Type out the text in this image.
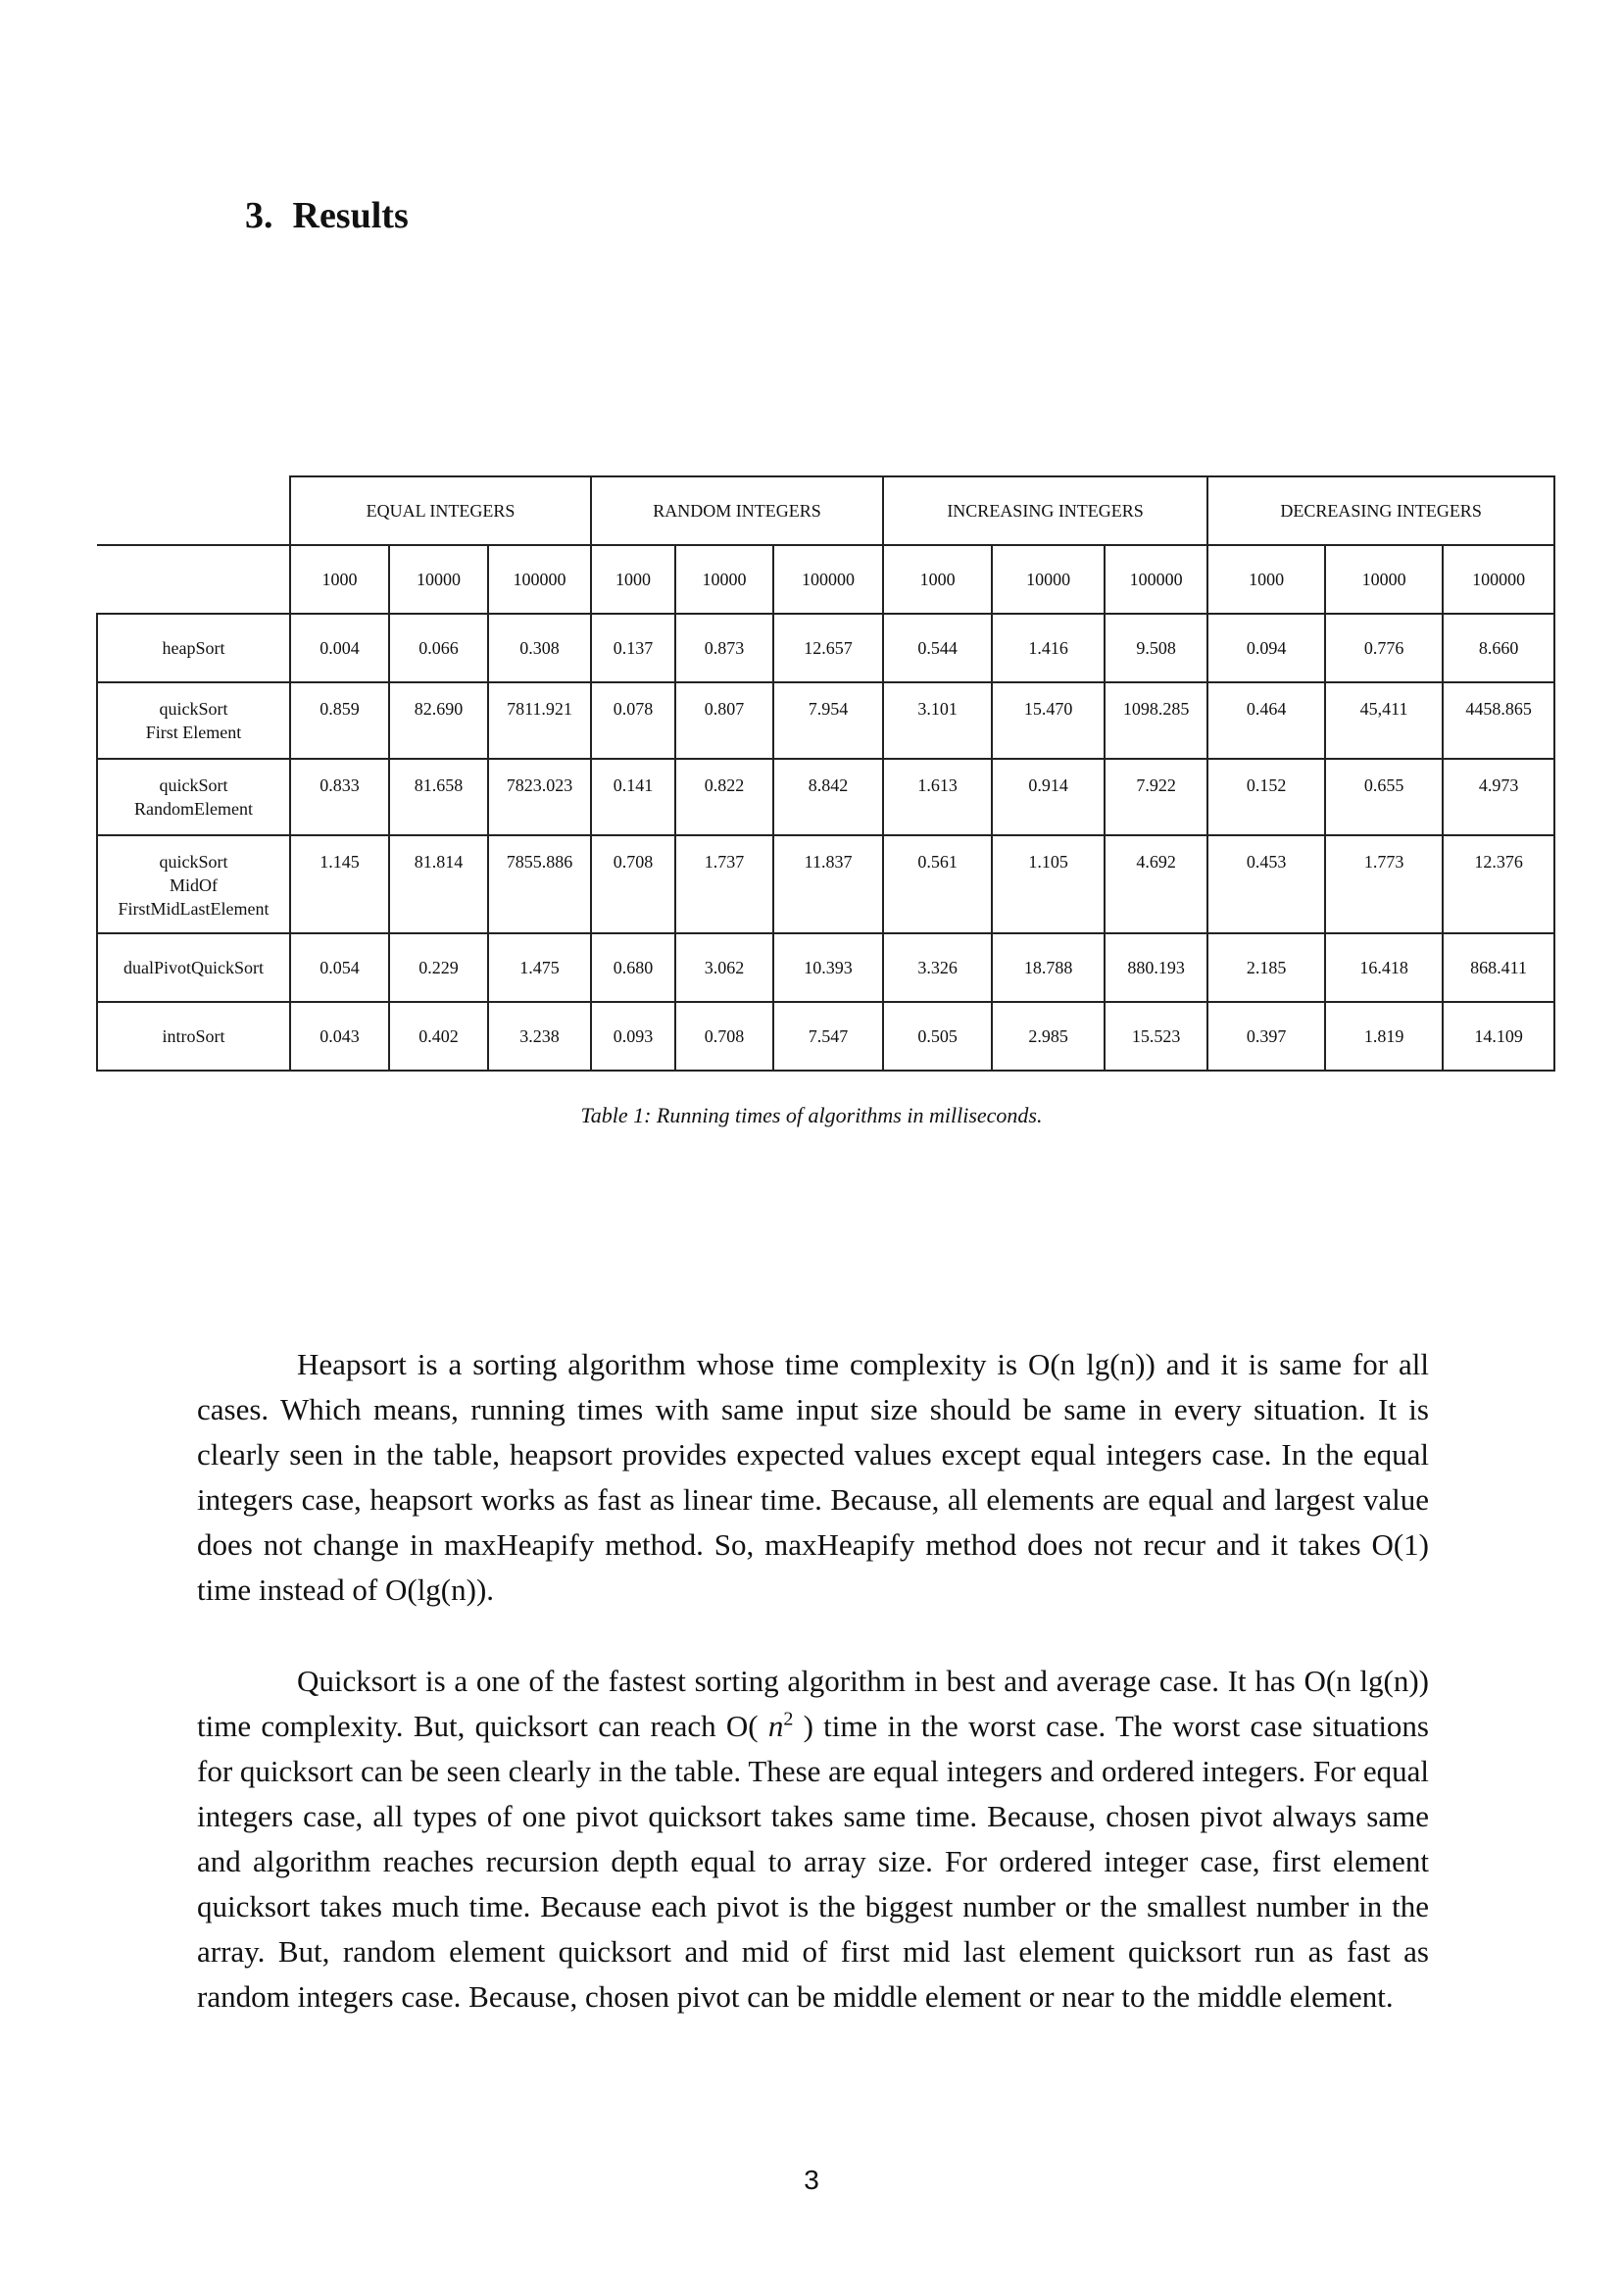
3. Results
	EQUAL INTEGERS			RANDOM INTEGERS			INCREASING INTEGERS			DECREASING INTEGERS		
	1000	10000	100000	1000	10000	100000	1000	10000	100000	1000	10000	100000

heapSort	0.004	0.066	0.308	0.137	0.873	12.657	0.544	1.416	9.508	0.094	0.776	8.660

quickSort
First Element	0.859	82.690	7811.921	0.078	0.807	7.954	3.101	15.470	1098.285	0.464	45,411	4458.865

quickSort
RandomElement	0.833	81.658	7823.023	0.141	0.822	8.842	1.613	0.914	7.922	0.152	0.655	4.973

quickSort
MidOf
FirstMidLastElement	1.145	81.814	7855.886	0.708	1.737	11.837	0.561	1.105	4.692	0.453	1.773	12.376

dualPivotQuickSort	0.054	0.229	1.475	0.680	3.062	10.393	3.326	18.788	880.193	2.185	16.418	868.411

introSort	0.043	0.402	3.238	0.093	0.708	7.547	0.505	2.985	15.523	0.397	1.819	14.109

Table 1: Running times of algorithms in milliseconds.

Heapsort is a sorting algorithm whose time complexity is O(n lg(n)) and it is same for all cases. Which means, running times with same input size should be same in every situation. It is clearly seen in the table, heapsort provides expected values except equal integers case. In the equal integers case, heapsort works as fast as linear time. Because, all elements are equal and largest value does not change in maxHeapify method. So, maxHeapify method does not recur and it takes O(1) time instead of O(lg(n)).

Quicksort is a one of the fastest sorting algorithm in best and average case. It has O(n lg(n)) time complexity. But, quicksort can reach O( $n^2$ ) time in the worst case. The worst case situations for quicksort can be seen clearly in the table. These are equal integers and ordered integers. For equal integers case, all types of one pivot quicksort takes same time. Because, chosen pivot always same and algorithm reaches recursion depth equal to array size. For ordered integer case, first element quicksort takes much time. Because each pivot is the biggest number or the smallest number in the array. But, random element quicksort and mid of first mid last element quicksort run as fast as random integers case. Because, chosen pivot can be middle element or near to the middle element.

3
